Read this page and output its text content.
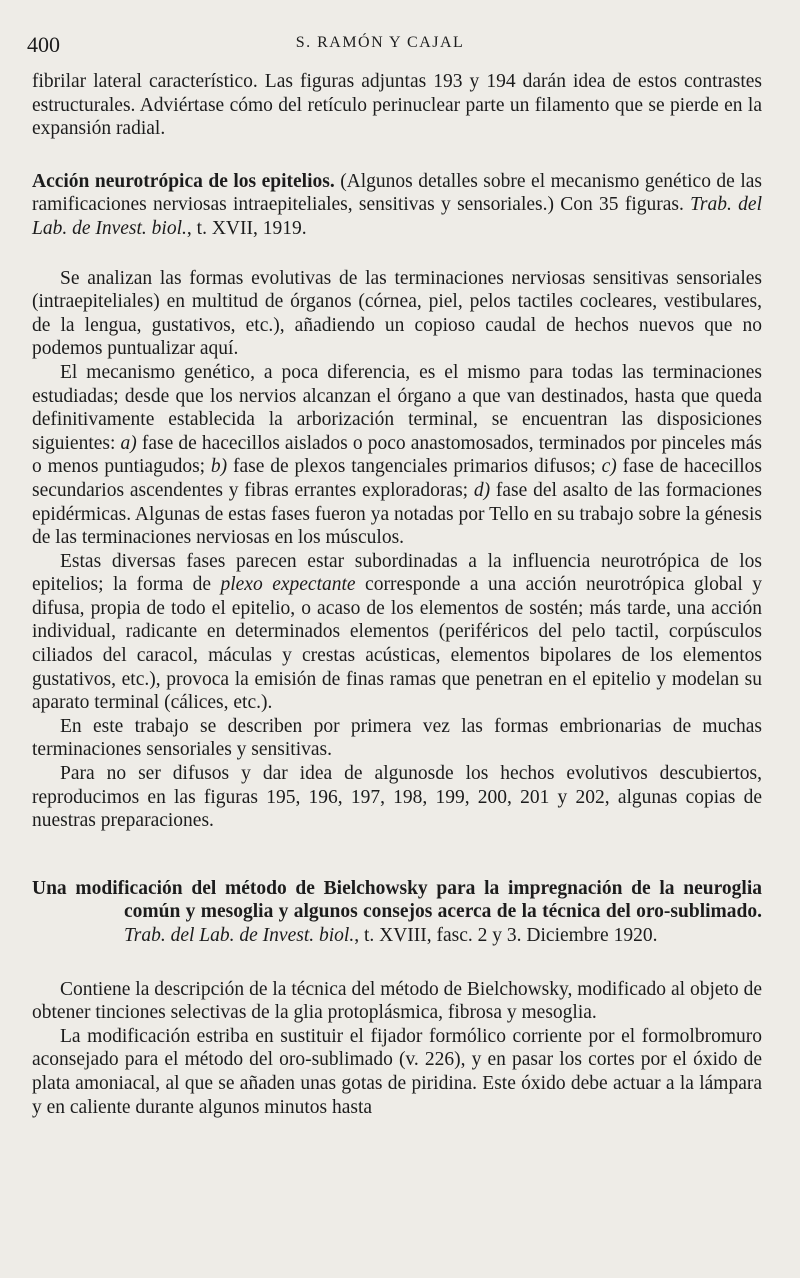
400	S. RAMÓN Y CAJAL

fibrilar lateral característico. Las figuras adjuntas 193 y 194 darán idea de estos contrastes estructurales. Adviértase cómo del retículo perinuclear parte un filamento que se pierde en la expansión radial.

Acción neurotrópica de los epitelios. (Algunos detalles sobre el mecanismo genético de las ramificaciones nerviosas intraepiteliales, sensitivas y sensoriales.) Con 35 figuras. Trab. del Lab. de Invest. biol., t. XVII, 1919.

Se analizan las formas evolutivas de las terminaciones nerviosas sensitivas sensoriales (intraepiteliales) en multitud de órganos (córnea, piel, pelos tactiles cocleares, vestibulares, de la lengua, gustativos, etc.), añadiendo un copioso caudal de hechos nuevos que no podemos puntualizar aquí.

El mecanismo genético, a poca diferencia, es el mismo para todas las terminaciones estudiadas; desde que los nervios alcanzan el órgano a que van destinados, hasta que queda definitivamente establecida la arborización terminal, se encuentran las disposiciones siguientes: a) fase de hacecillos aislados o poco anastomosados, terminados por pinceles más o menos puntiagudos; b) fase de plexos tangenciales primarios difusos; c) fase de hacecillos secundarios ascendentes y fibras errantes exploradoras; d) fase del asalto de las formaciones epidérmicas. Algunas de estas fases fueron ya notadas por Tello en su trabajo sobre la génesis de las terminaciones nerviosas en los músculos.

Estas diversas fases parecen estar subordinadas a la influencia neurotrópica de los epitelios; la forma de plexo expectante corresponde a una acción neurotrópica global y difusa, propia de todo el epitelio, o acaso de los elementos de sostén; más tarde, una acción individual, radicante en determinados elementos (periféricos del pelo tactil, corpúsculos ciliados del caracol, máculas y crestas acústicas, elementos bipolares de los elementos gustativos, etc.), provoca la emisión de finas ramas que penetran en el epitelio y modelan su aparato terminal (cálices, etc.).

En este trabajo se describen por primera vez las formas embrionarias de muchas terminaciones sensoriales y sensitivas.

Para no ser difusos y dar idea de algunosde los hechos evolutivos descubiertos, reproducimos en las figuras 195, 196, 197, 198, 199, 200, 201 y 202, algunas copias de nuestras preparaciones.

Una modificación del método de Bielchowsky para la impregnación de la neuroglia común y mesoglia y algunos consejos acerca de la técnica del oro-sublimado. Trab. del Lab. de Invest. biol., t. XVIII, fasc. 2 y 3. Diciembre 1920.

Contiene la descripción de la técnica del método de Bielchowsky, modificado al objeto de obtener tinciones selectivas de la glia protoplásmica, fibrosa y mesoglia.

La modificación estriba en sustituir el fijador formólico corriente por el formolbromuro aconsejado para el método del oro-sublimado (v. 226), y en pasar los cortes por el óxido de plata amoniacal, al que se añaden unas gotas de piridina. Este óxido debe actuar a la lámpara y en caliente durante algunos minutos hasta
